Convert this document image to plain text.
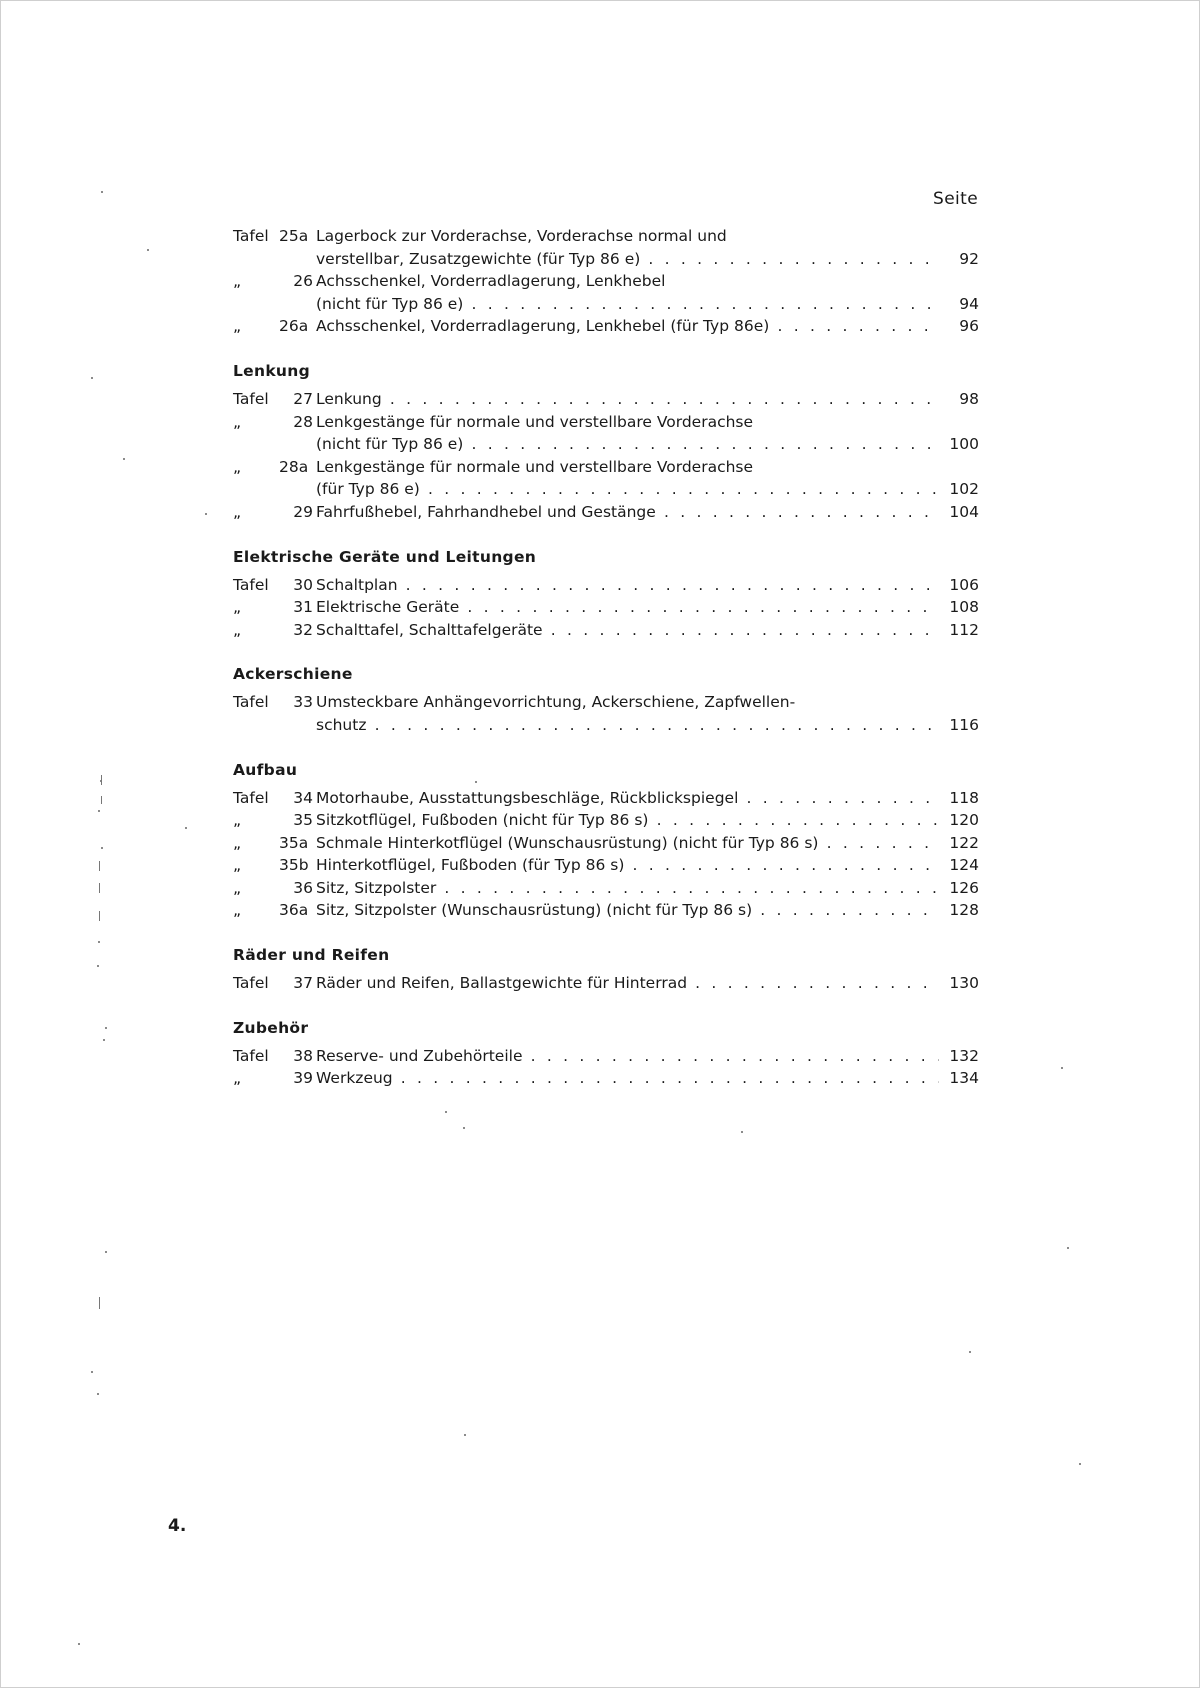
Seite
Tafel 25a Lagerbock zur Vorderachse, Vorderachse normal und
verstellbar, Zusatzgewichte (für Typ 86 e) . . .	92
„	26 Achsschenkel, Vorderradlagerung, Lenkhebel
(nicht für Typ 86 e) . . .	94
„ 26a Achsschenkel, Vorderradlagerung, Lenkhebel (für Typ 86e) . . .	96
Lenkung
Tafel	27 Lenkung . . .	98
„	28 Lenkgestänge für normale und verstellbare Vorderachse
(nicht für Typ 86 e) . . .	100
„ 28a Lenkgestänge für normale und verstellbare Vorderachse
(für Typ 86 e) . . .	102
„	29 Fahrfußhebel, Fahrhandhebel und Gestänge . . .	104
Elektrische Geräte und Leitungen
Tafel	30 Schaltplan . . .	106
„	31 Elektrische Geräte . . .	108
„	32 Schalttafel, Schalttafelgeräte . . .	112
Ackerschiene
Tafel	33 Umsteckbare Anhängevorrichtung, Ackerschiene, Zapfwellen-
schutz . . .	116
Aufbau
Tafel	34 Motorhaube, Ausstattungsbeschläge, Rückblickspiegel . . .	118
„	35 Sitzkotflügel, Fußboden (nicht für Typ 86 s) . . .	120
„ 35a Schmale Hinterkotflügel (Wunschausrüstung) (nicht für Typ 86 s) . . .	122
„ 35b Hinterkotflügel, Fußboden (für Typ 86 s) . . .	124
„	36 Sitz, Sitzpolster . . .	126
„ 36a Sitz, Sitzpolster (Wunschausrüstung) (nicht für Typ 86 s) . . .	128
Räder und Reifen
Tafel	37 Räder und Reifen, Ballastgewichte für Hinterrad . . .	130
Zubehör
Tafel	38 Reserve- und Zubehörteile . . .	132
„	39 Werkzeug . . .	134
4.
